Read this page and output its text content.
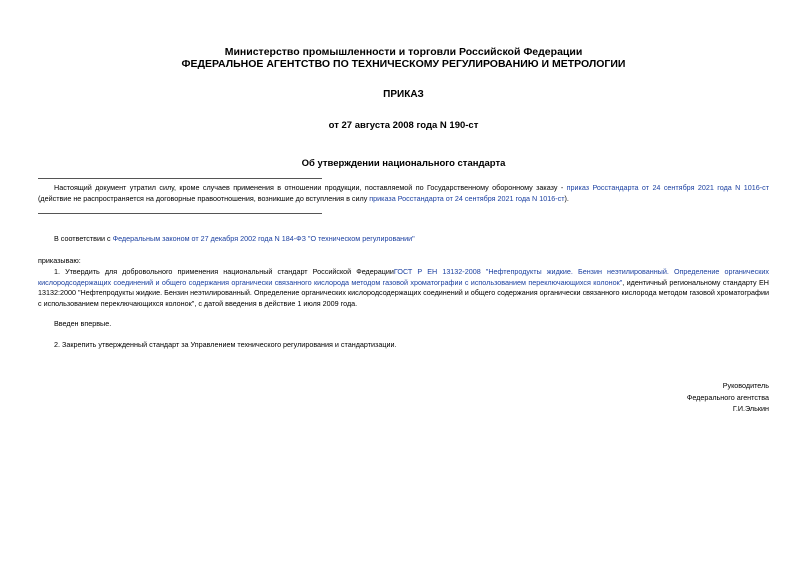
Министерство промышленности и торговли Российской Федерации
ФЕДЕРАЛЬНОЕ АГЕНТСТВО ПО ТЕХНИЧЕСКОМУ РЕГУЛИРОВАНИЮ И МЕТРОЛОГИИ
ПРИКАЗ
от 27 августа 2008 года N 190-ст
Об утверждении национального стандарта
Настоящий документ утратил силу, кроме случаев применения в отношении продукции, поставляемой по Государственному оборонному заказу - приказ Росстандарта от 24 сентября 2021 года N 1016-ст (действие не распространяется на договорные правоотношения, возникшие до вступления в силу приказа Росстандарта от 24 сентября 2021 года N 1016-ст).
В соответствии с Федеральным законом от 27 декабря 2002 года N 184-ФЗ "О техническом регулировании"
приказываю:
1. Утвердить для добровольного применения национальный стандарт Российской ФедерацииГОСТ Р ЕН 13132-2008 "Нефтепродукты жидкие. Бензин неэтилированный. Определение органических кислородсодержащих соединений и общего содержания органически связанного кислорода методом газовой хроматографии с использованием переключающихся колонок", идентичный региональному стандарту ЕН 13132:2000 "Нефтепродукты жидкие. Бензин неэтилированный. Определение органических кислородсодержащих соединений и общего содержания органически связанного кислорода методом газовой хроматографии с использованием переключающихся колонок", с датой введения в действие 1 июля 2009 года.
Введен впервые.
2. Закрепить утвержденный стандарт за Управлением технического регулирования и стандартизации.
Руководитель
Федерального агентства
Г.И.Элькин
